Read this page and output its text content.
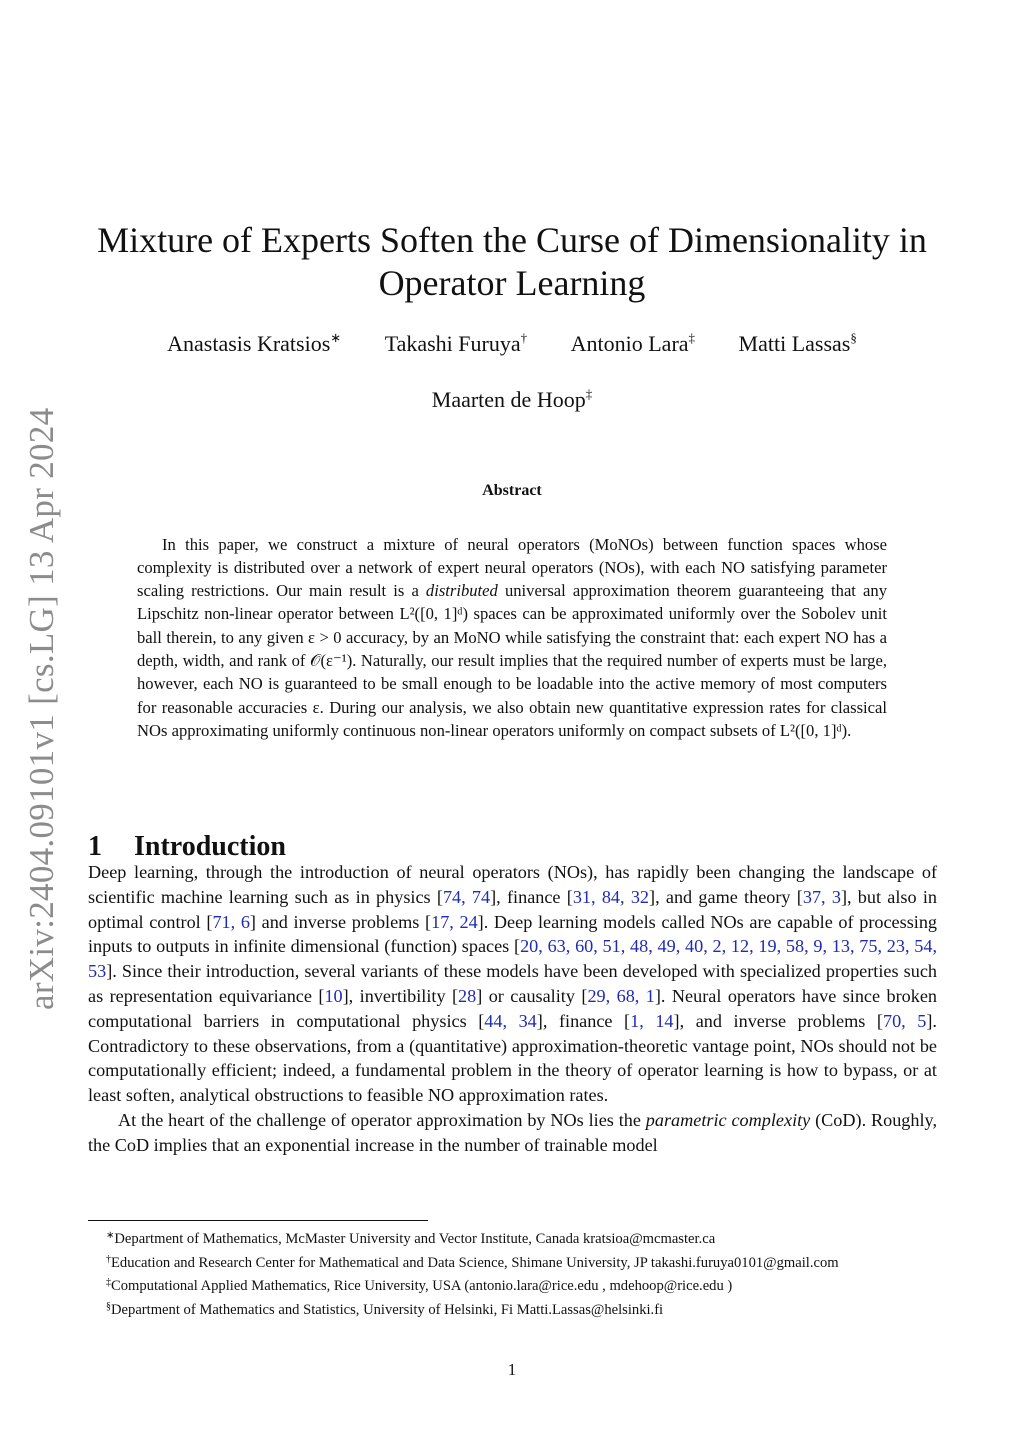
arXiv:2404.09101v1 [cs.LG] 13 Apr 2024
Mixture of Experts Soften the Curse of Dimensionality in
Operator Learning
Anastasis Kratsios∗ Takashi Furuya† Antonio Lara‡ Matti Lassas§
Maarten de Hoop‡
Abstract

In this paper, we construct a mixture of neural operators (MoNOs) between function spaces whose complexity is distributed over a network of expert neural operators (NOs), with each NO satisfying parameter scaling restrictions. Our main result is a distributed universal approximation theorem guaranteeing that any Lipschitz non-linear operator between L²([0, 1]ᵈ) spaces can be approximated uniformly over the Sobolev unit ball therein, to any given ε > 0 accuracy, by an MoNO while satisfying the constraint that: each expert NO has a depth, width, and rank of 𝒪(ε⁻¹). Naturally, our result implies that the required number of experts must be large, however, each NO is guaranteed to be small enough to be loadable into the active memory of most computers for reasonable accuracies ε. During our analysis, we also obtain new quantitative expression rates for classical NOs approximating uniformly continuous non-linear operators uniformly on compact subsets of L²([0, 1]ᵈ).

1 Introduction

Deep learning, through the introduction of neural operators (NOs), has rapidly been changing the landscape of scientific machine learning such as in physics [74, 74], finance [31, 84, 32], and game theory [37, 3], but also in optimal control [71, 6] and inverse problems [17, 24]. Deep learning models called NOs are capable of processing inputs to outputs in infinite dimensional (function) spaces [20, 63, 60, 51, 48, 49, 40, 2, 12, 19, 58, 9, 13, 75, 23, 54, 53]. Since their introduction, several variants of these models have been developed with specialized properties such as representation equivariance [10], invertibility [28] or causality [29, 68, 1]. Neural operators have since broken computational barriers in computational physics [44, 34], finance [1, 14], and inverse problems [70, 5]. Contradictory to these observations, from a (quantitative) approximation-theoretic vantage point, NOs should not be computationally efficient; indeed, a fundamental problem in the theory of operator learning is how to bypass, or at least soften, analytical obstructions to feasible NO approximation rates.

At the heart of the challenge of operator approximation by NOs lies the parametric complexity (CoD). Roughly, the CoD implies that an exponential increase in the number of trainable model

∗Department of Mathematics, McMaster University and Vector Institute, Canada kratsioa@mcmaster.ca

†Education and Research Center for Mathematical and Data Science, Shimane University, JP takashi.furuya0101@gmail.com

‡Computational Applied Mathematics, Rice University, USA (antonio.lara@rice.edu , mdehoop@rice.edu )

§Department of Mathematics and Statistics, University of Helsinki, Fi Matti.Lassas@helsinki.fi

1
